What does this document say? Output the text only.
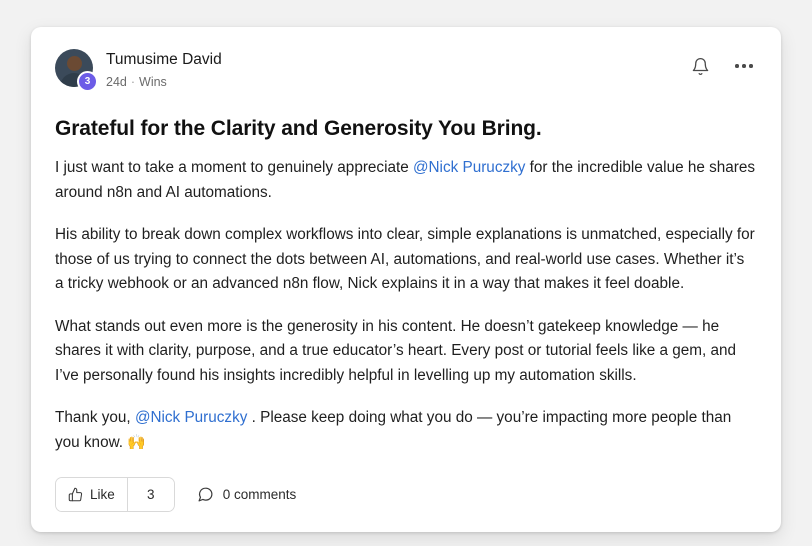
3
Tumusime David
24d · Wins
Grateful for the Clarity and Generosity You Bring.

I just want to take a moment to genuinely appreciate @Nick Puruczky for the incredible value he shares around n8n and AI automations.

His ability to break down complex workflows into clear, simple explanations is unmatched, especially for those of us trying to connect the dots between AI, automations, and real-world use cases. Whether it’s a tricky webhook or an advanced n8n flow, Nick explains it in a way that makes it feel doable.

What stands out even more is the generosity in his content. He doesn’t gatekeep knowledge — he shares it with clarity, purpose, and a true educator’s heart. Every post or tutorial feels like a gem, and I’ve personally found his insights incredibly helpful in levelling up my automation skills.

Thank you, @Nick Puruczky . Please keep doing what you do — you’re impacting more people than you know. 🙌

Like	3	0 comments
